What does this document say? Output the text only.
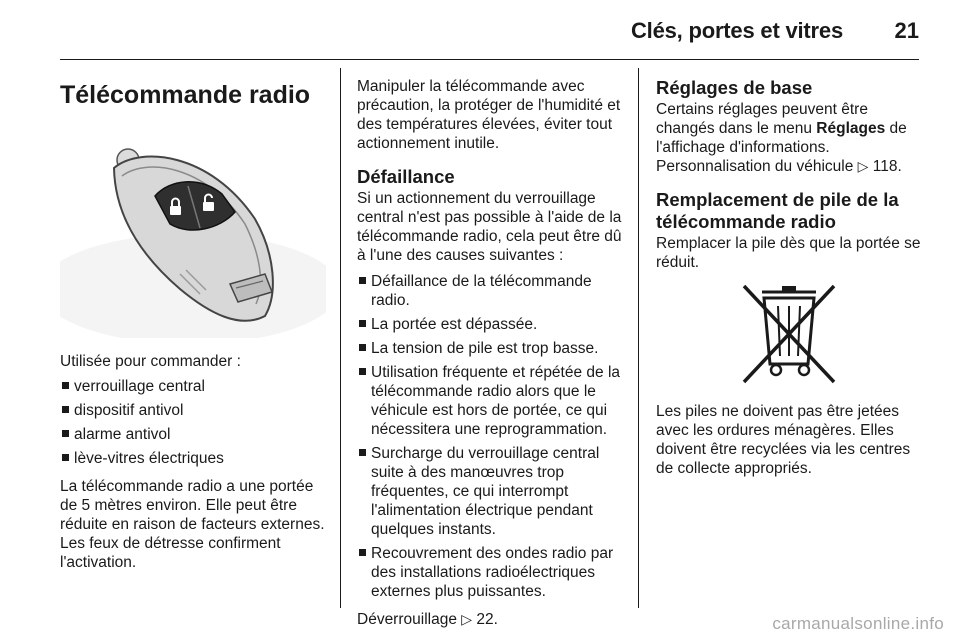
Clés, portes et vitres 21
Télécommande radio

Utilisée pour commander :

verrouillage central
dispositif antivol
alarme antivol
lève-vitres électriques

La télécommande radio a une portée de 5 mètres environ. Elle peut être réduite en raison de facteurs externes. Les feux de détresse confirment l'activation.

Manipuler la télécommande avec précaution, la protéger de l'humidité et des températures élevées, éviter tout actionnement inutile.

Défaillance

Si un actionnement du verrouillage central n'est pas possible à l'aide de la télécommande radio, cela peut être dû à l'une des causes suivantes :

Défaillance de la télécommande radio.
La portée est dépassée.
La tension de pile est trop basse.
Utilisation fréquente et répétée de la télécommande radio alors que le véhicule est hors de portée, ce qui nécessitera une reprogrammation.
Surcharge du verrouillage central suite à des manœuvres trop fréquentes, ce qui interrompt l'alimentation électrique pendant quelques instants.
Recouvrement des ondes radio par des installations radioélectriques externes plus puissantes.

Déverrouillage ▷ 22.

Réglages de base

Certains réglages peuvent être changés dans le menu Réglages de l'affichage d'informations. Personnalisation du véhicule ▷ 118.

Remplacement de pile de la télécommande radio

Remplacer la pile dès que la portée se réduit.

Les piles ne doivent pas être jetées avec les ordures ménagères. Elles doivent être recyclées via les centres de collecte appropriés.

carmanualsonline.info
